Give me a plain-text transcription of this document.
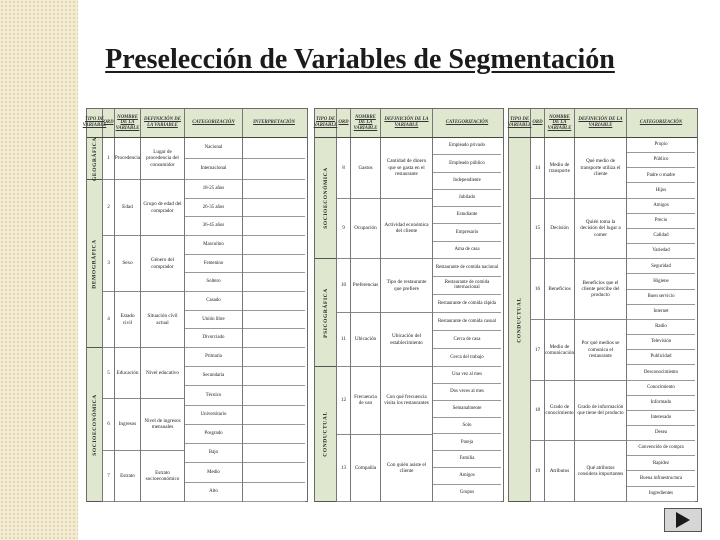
Preselección de Variables de Segmentación
TIPO DE VARIABLE
ORD
NOMBRE DE LA VARIABLE
DEFINICIÓN DE LA VARIABLE
CATEGORIZACIÓN	INTERPRETACIÓN
GEOGRÁFICA
DEMOGRÁFICA
SOCIOECONÓMICA
1
2
3
4
5
6
7
Procedencia
Edad
Sexo
Estado civil
Educación
Ingresos
Estrato
Lugar de procedencia del consumidor
Grupo de edad del comprador
Género del comprador
Situación civil actual
Nivel educativo
Nivel de ingresos mensuales
Estrato socioeconómico
Nacional
Internacional
18-25 años
26-35 años
36-45 años
Masculino
Femenino
Soltero
Casado
Unión libre
Divorciado
Primaria
Secundaria
Técnico
Universitario
Posgrado
Bajo
Medio
Alto
TIPO DE VARIABLE
ORD
NOMBRE DE LA VARIABLE
DEFINICIÓN DE LA VARIABLE
CATEGORIZACIÓN
SOCIOECONÓMICA
PSICOGRÁFICA
CONDUCTUAL
8
9
10
11
12
13
Gastos
Ocupación
Preferencias
Ubicación
Frecuencia de uso
Compañía
Cantidad de dinero que se gasta en el restaurante
Actividad económica del cliente
Tipo de restaurante que prefiere
Ubicación del establecimiento
Con qué frecuencia visita los restaurantes
Con quién asiste el cliente
Empleado privado
Empleado público
Independiente
Jubilado
Estudiante
Empresario
Ama de casa
Restaurante de comida nacional
Restaurante de comida internacional
Restaurante de comida rápida
Restaurante de comida casual
Cerca de casa
Cerca del trabajo
Una vez al mes
Dos veces al mes
Semanalmente
Solo
Pareja
Familia
Amigos
Grupos
TIPO DE VARIABLE
ORD
NOMBRE DE LA VARIABLE
DEFINICIÓN DE LA VARIABLE
CATEGORIZACIÓN
CONDUCTUAL
14
15
16
17
18
19
Medio de transporte
Decisión
Beneficios
Medio de comunicación
Grado de conocimiento
Atributos
Qué medio de transporte utiliza el cliente
Quién toma la decisión del lugar a comer
Beneficios que el cliente percibe del producto
Por qué medios se comunica el restaurante
Grado de información que tiene del producto
Qué atributos considera importantes
Propio
Público
Padre o madre
Hijos
Amigos
Precio
Calidad
Variedad
Seguridad
Higiene
Buen servicio
Internet
Radio
Televisión
Publicidad
Desconocimiento
Conocimiento
Informado
Interesado
Desea
Convencido de compra
Rapidez
Buena infraestructura
Ingredientes
